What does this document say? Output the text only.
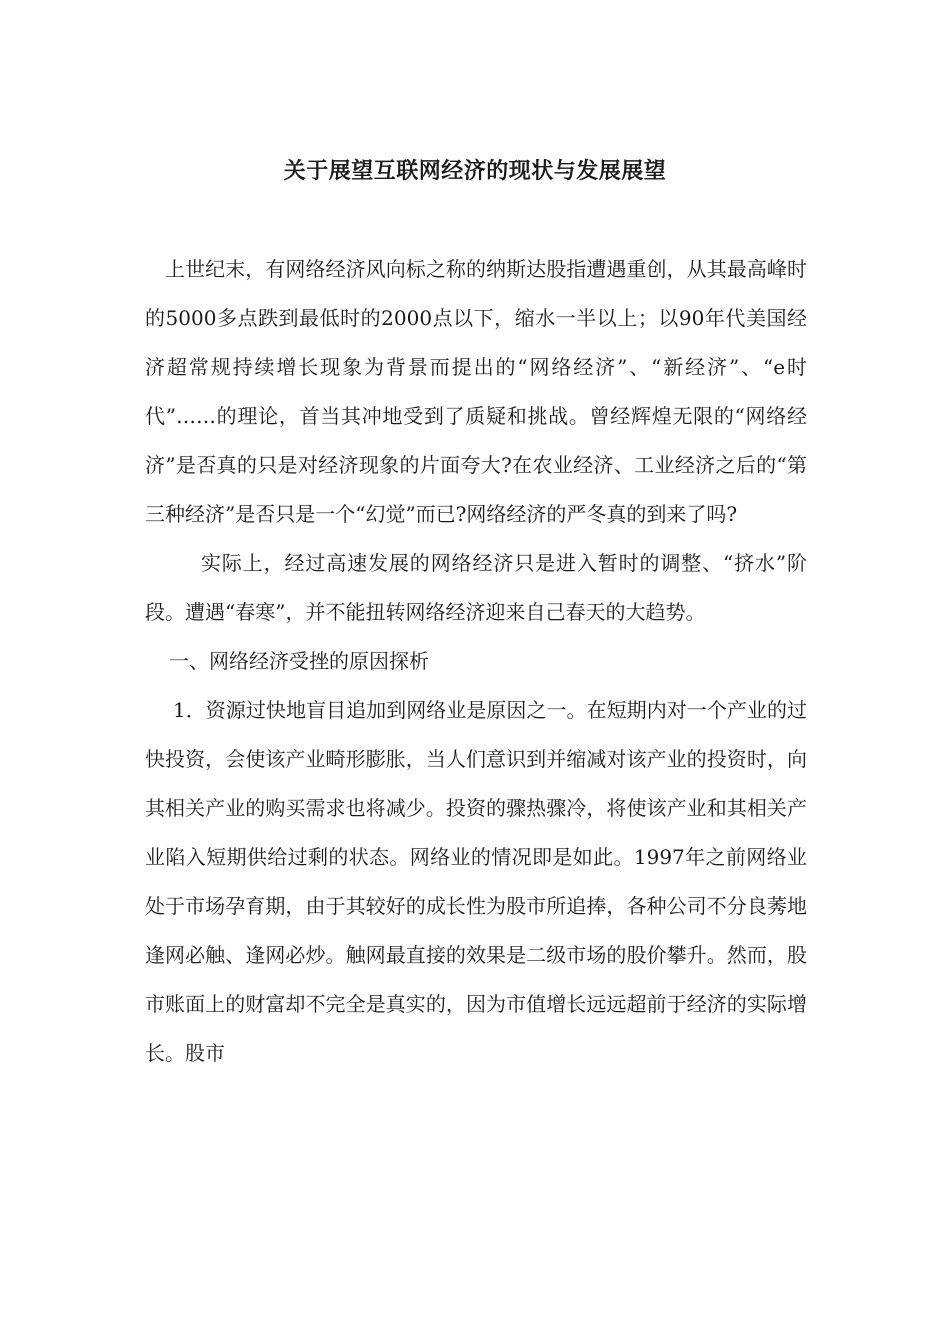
关于展望互联网经济的现状与发展展望

上世纪末，有网络经济风向标之称的纳斯达股指遭遇重创，从其最高峰时的5000多点跌到最低时的2000点以下，缩水一半以上；以90年代美国经济超常规持续增长现象为背景而提出的“网络经济”、“新经济”、“e时代”……的理论，首当其冲地受到了质疑和挑战。曾经辉煌无限的“网络经济”是否真的只是对经济现象的片面夸大?在农业经济、工业经济之后的“第三种经济”是否只是一个“幻觉”而已?网络经济的严冬真的到来了吗?

实际上，经过高速发展的网络经济只是进入暂时的调整、“挤水”阶段。遭遇“春寒”，并不能扭转网络经济迎来自己春天的大趋势。

一、网络经济受挫的原因探析

1．资源过快地盲目追加到网络业是原因之一。在短期内对一个产业的过快投资，会使该产业畸形膨胀，当人们意识到并缩减对该产业的投资时，向其相关产业的购买需求也将减少。投资的骤热骤冷，将使该产业和其相关产业陷入短期供给过剩的状态。网络业的情况即是如此。1997年之前网络业处于市场孕育期，由于其较好的成长性为股市所追捧，各种公司不分良莠地逢网必触、逢网必炒。触网最直接的效果是二级市场的股价攀升。然而，股市账面上的财富却不完全是真实的，因为市值增长远远超前于经济的实际增长。股市
